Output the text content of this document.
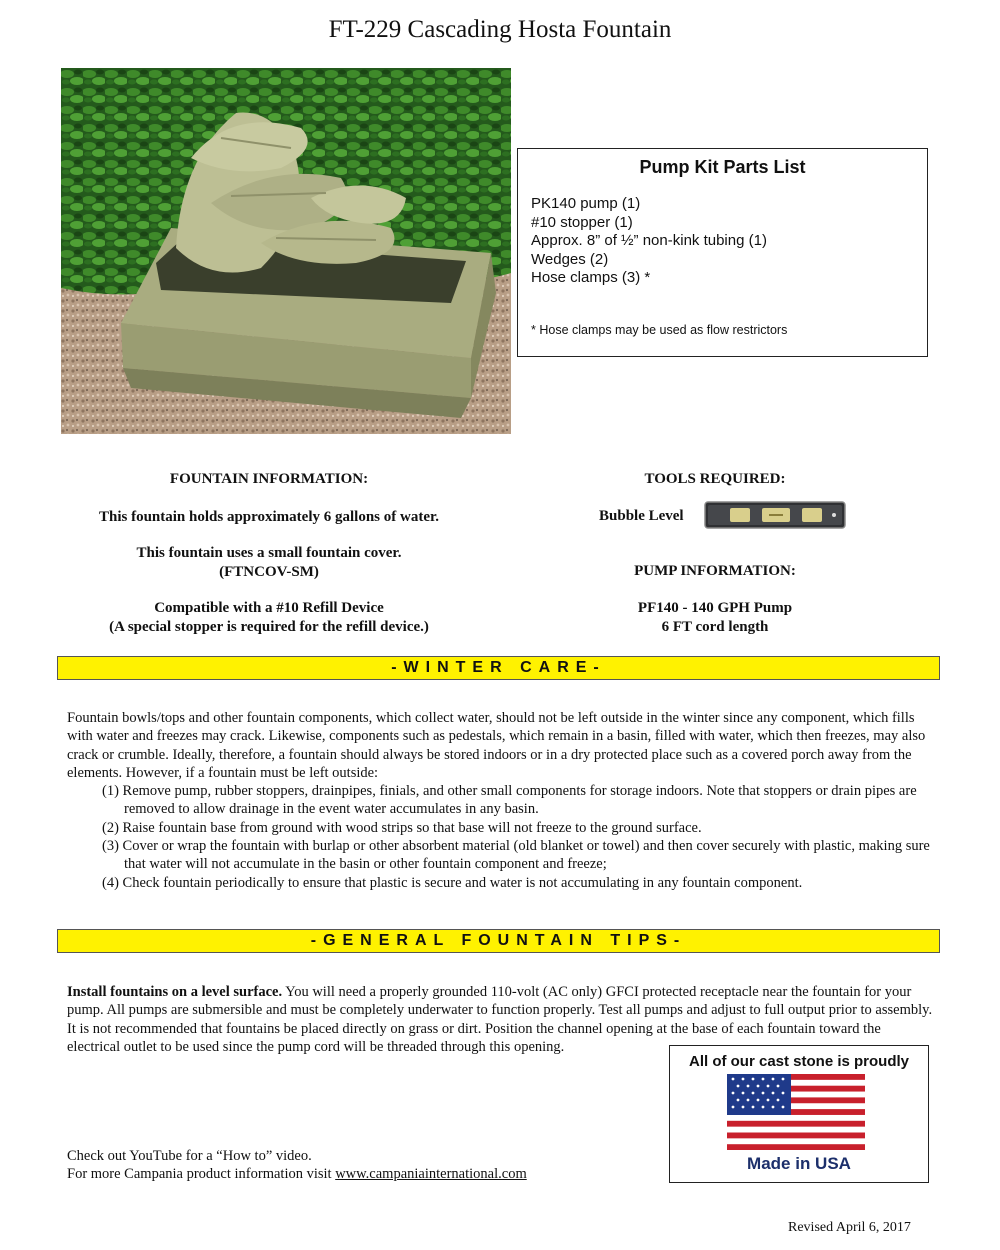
FT-229 Cascading Hosta Fountain
Pump Kit Parts List
PK140 pump (1)
#10 stopper (1)
Approx. 8” of ½” non-kink tubing (1)
Wedges (2)
Hose clamps (3) *
* Hose clamps may be used as flow restrictors
FOUNTAIN INFORMATION:
This fountain holds approximately 6 gallons of water.
This fountain uses a small fountain cover.
(FTNCOV-SM)
Compatible with a #10 Refill Device
(A special stopper is required for the refill device.)
TOOLS REQUIRED:
Bubble Level
PUMP INFORMATION:
PF140 - 140 GPH Pump
6 FT cord length
-WINTER CARE-
Fountain bowls/tops and other fountain components, which collect water, should not be left outside in the winter since any component, which fills with water and freezes may crack. Likewise, components such as pedestals, which remain in a basin, filled with water, which then freezes, may also crack or crumble. Ideally, therefore, a fountain should always be stored indoors or in a dry protected place such as a covered porch away from the elements. However, if a fountain must be left outside:
(1) Remove pump, rubber stoppers, drainpipes, finials, and other small components for storage indoors. Note that stoppers or drain pipes are removed to allow drainage in the event water accumulates in any basin.
(2) Raise fountain base from ground with wood strips so that base will not freeze to the ground surface.
(3) Cover or wrap the fountain with burlap or other absorbent material (old blanket or towel) and then cover securely with plastic, making sure that water will not accumulate in the basin or other fountain component and freeze;
(4) Check fountain periodically to ensure that plastic is secure and water is not accumulating in any fountain component.
-GENERAL FOUNTAIN TIPS-
Install fountains on a level surface. You will need a properly grounded 110-volt (AC only) GFCI protected receptacle near the fountain for your pump. All pumps are submersible and must be completely underwater to function properly. Test all pumps and adjust to full output prior to assembly. It is not recommended that fountains be placed directly on grass or dirt. Position the channel opening at the base of each fountain toward the electrical outlet to be used since the pump cord will be threaded through this opening.
All of our cast stone is proudly
Made in USA
Check out YouTube for a “How to” video.
For more Campania product information visit www.campaniainternational.com
Revised April 6, 2017
